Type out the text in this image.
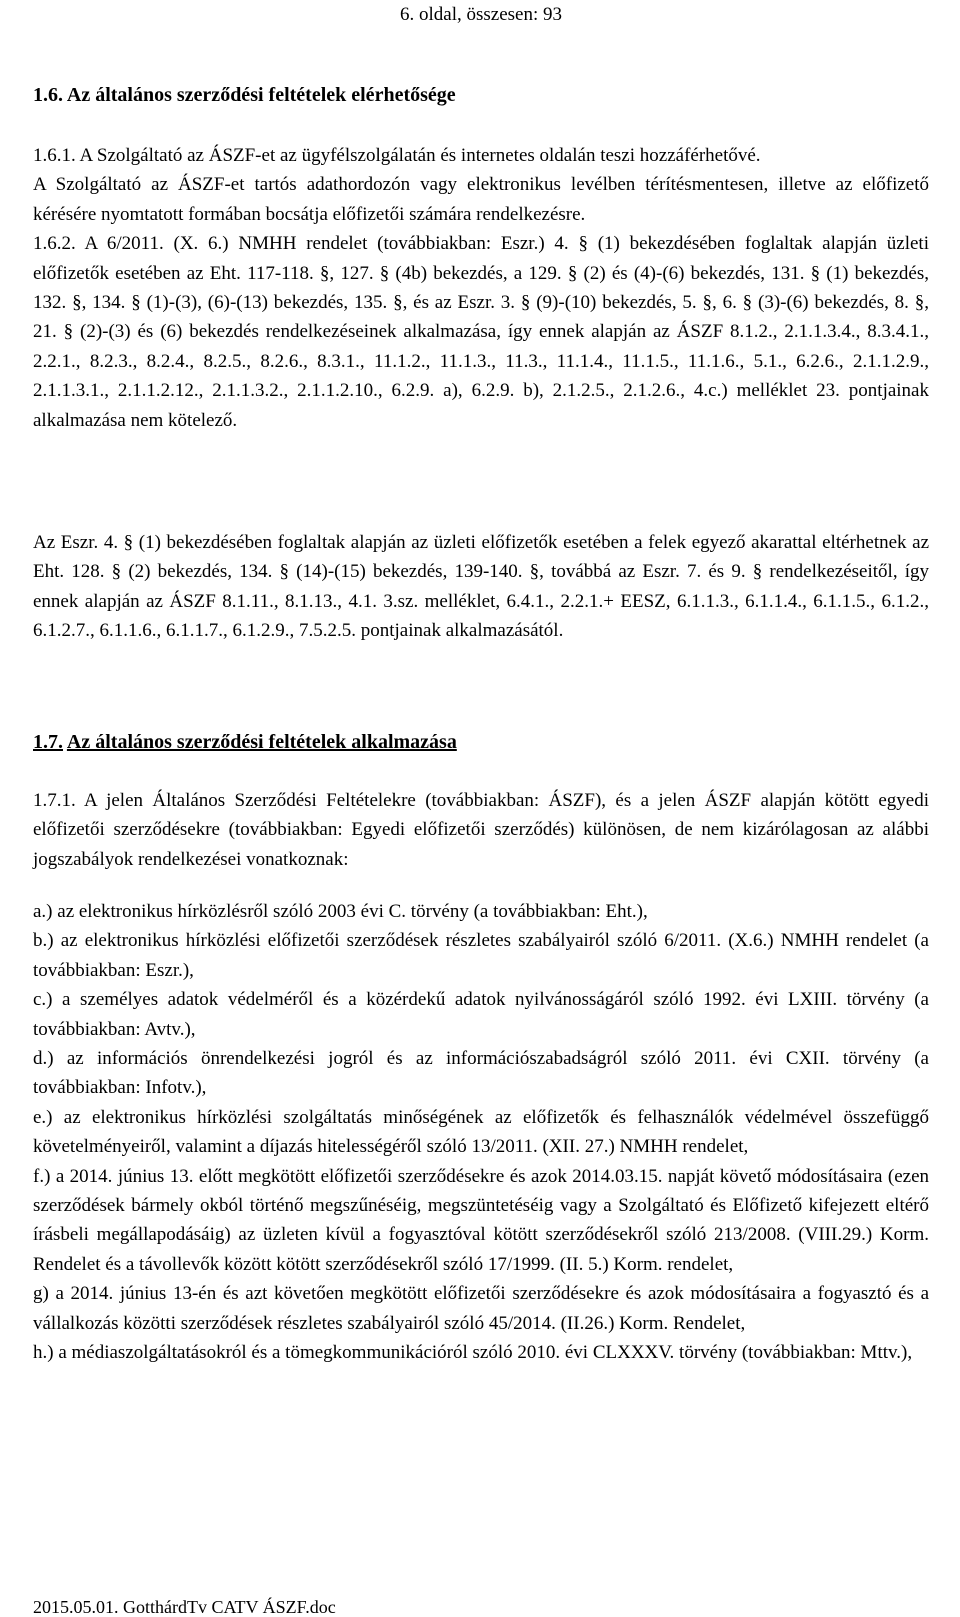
6. oldal, összesen: 93
1.6. Az általános szerződési feltételek elérhetősége

1.6.1. A Szolgáltató az ÁSZF-et az ügyfélszolgálatán és internetes oldalán teszi hozzáférhetővé.

A Szolgáltató az ÁSZF-et tartós adathordozón vagy elektronikus levélben térítésmentesen, illetve az előfizető kérésére nyomtatott formában bocsátja előfizetői számára rendelkezésre.

1.6.2. A 6/2011. (X. 6.) NMHH rendelet (továbbiakban: Eszr.) 4. § (1) bekezdésében foglaltak alapján üzleti előfizetők esetében az Eht. 117-118. §, 127. § (4b) bekezdés, a 129. § (2) és (4)-(6) bekezdés, 131. § (1) bekezdés, 132. §, 134. § (1)-(3), (6)-(13) bekezdés, 135. §, és az Eszr. 3. § (9)-(10) bekezdés, 5. §, 6. § (3)-(6) bekezdés, 8. §, 21. § (2)-(3) és (6) bekezdés rendelkezéseinek alkalmazása, így ennek alapján az ÁSZF 8.1.2., 2.1.1.3.4., 8.3.4.1., 2.2.1., 8.2.3., 8.2.4., 8.2.5., 8.2.6., 8.3.1., 11.1.2., 11.1.3., 11.3., 11.1.4., 11.1.5., 11.1.6., 5.1., 6.2.6., 2.1.1.2.9., 2.1.1.3.1., 2.1.1.2.12., 2.1.1.3.2., 2.1.1.2.10., 6.2.9. a), 6.2.9. b), 2.1.2.5., 2.1.2.6., 4.c.) melléklet 23. pontjainak alkalmazása nem kötelező.

Az Eszr. 4. § (1) bekezdésében foglaltak alapján az üzleti előfizetők esetében a felek egyező akarattal eltérhetnek az Eht. 128. § (2) bekezdés, 134. § (14)-(15) bekezdés, 139-140. §, továbbá az Eszr. 7. és 9. § rendelkezéseitől, így ennek alapján az ÁSZF 8.1.11., 8.1.13., 4.1. 3.sz. melléklet, 6.4.1., 2.2.1.+ EESZ, 6.1.1.3., 6.1.1.4., 6.1.1.5., 6.1.2., 6.1.2.7., 6.1.1.6., 6.1.1.7., 6.1.2.9., 7.5.2.5. pontjainak alkalmazásától.

1.7. Az általános szerződési feltételek alkalmazása

1.7.1. A jelen Általános Szerződési Feltételekre (továbbiakban: ÁSZF), és a jelen ÁSZF alapján kötött egyedi előfizetői szerződésekre (továbbiakban: Egyedi előfizetői szerződés) különösen, de nem kizárólagosan az alábbi jogszabályok rendelkezései vonatkoznak:

a.) az elektronikus hírközlésről szóló 2003 évi C. törvény (a továbbiakban: Eht.),

b.) az elektronikus hírközlési előfizetői szerződések részletes szabályairól szóló 6/2011. (X.6.) NMHH rendelet (a továbbiakban: Eszr.),

c.) a személyes adatok védelméről és a közérdekű adatok nyilvánosságáról szóló 1992. évi LXIII. törvény (a továbbiakban: Avtv.),

d.) az információs önrendelkezési jogról és az információszabadságról szóló 2011. évi CXII. törvény (a továbbiakban: Infotv.),

e.) az elektronikus hírközlési szolgáltatás minőségének az előfizetők és felhasználók védelmével összefüggő követelményeiről, valamint a díjazás hitelességéről szóló 13/2011. (XII. 27.) NMHH rendelet,

f.) a 2014. június 13. előtt megkötött előfizetői szerződésekre és azok 2014.03.15. napját követő módosításaira (ezen szerződések bármely okból történő megszűnéséig, megszüntetéséig vagy a Szolgáltató és Előfizető kifejezett eltérő írásbeli megállapodásáig) az üzleten kívül a fogyasztóval kötött szerződésekről szóló 213/2008. (VIII.29.) Korm. Rendelet és a távollevők között kötött szerződésekről szóló 17/1999. (II. 5.) Korm. rendelet,

g) a 2014. június 13-én és azt követően megkötött előfizetői szerződésekre és azok módosításaira a fogyasztó és a vállalkozás közötti szerződések részletes szabályairól szóló 45/2014. (II.26.) Korm. Rendelet,

h.) a médiaszolgáltatásokról és a tömegkommunikációról szóló 2010. évi CLXXXV. törvény (továbbiakban: Mttv.),

2015.05.01. GotthárdTv CATV ÁSZF.doc
